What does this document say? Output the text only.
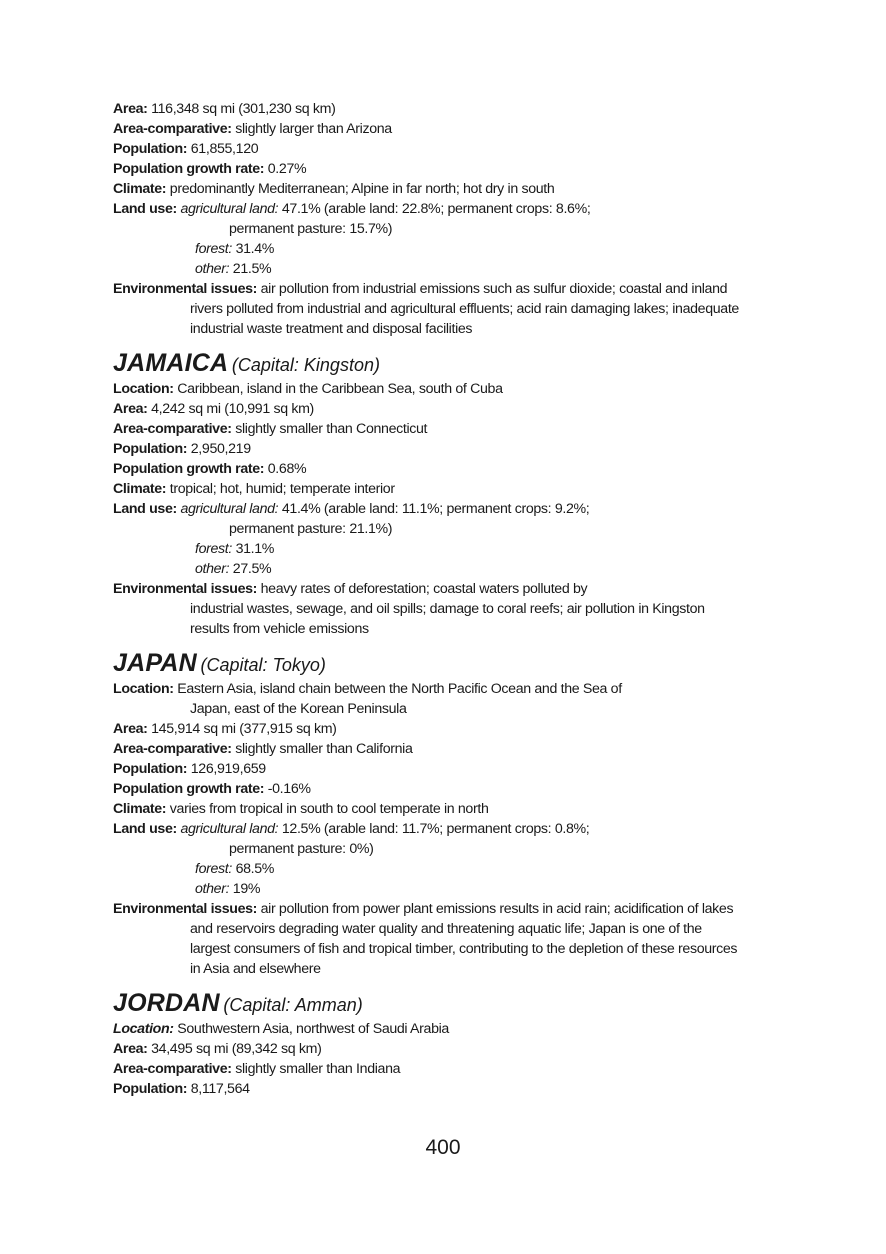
Area: 116,348 sq mi (301,230 sq km)
Area-comparative: slightly larger than Arizona
Population: 61,855,120
Population growth rate: 0.27%
Climate: predominantly Mediterranean; Alpine in far north; hot dry in south
Land use: agricultural land: 47.1% (arable land: 22.8%; permanent crops: 8.6%;
permanent pasture: 15.7%)
forest: 31.4%
other: 21.5%
Environmental issues: air pollution from industrial emissions such as sulfur dioxide; coastal and inland
rivers polluted from industrial and agricultural effluents; acid rain damaging lakes; inadequate
industrial waste treatment and disposal facilities
JAMAICA (Capital: Kingston)
Location: Caribbean, island in the Caribbean Sea, south of Cuba
Area: 4,242 sq mi (10,991 sq km)
Area-comparative: slightly smaller than Connecticut
Population: 2,950,219
Population growth rate: 0.68%
Climate: tropical; hot, humid; temperate interior
Land use: agricultural land: 41.4% (arable land: 11.1%; permanent crops: 9.2%;
permanent pasture: 21.1%)
forest: 31.1%
other: 27.5%
Environmental issues: heavy rates of deforestation; coastal waters polluted by
industrial wastes, sewage, and oil spills; damage to coral reefs; air pollution in Kingston
results from vehicle emissions
JAPAN (Capital: Tokyo)
Location: Eastern Asia, island chain between the North Pacific Ocean and the Sea of
Japan, east of the Korean Peninsula
Area: 145,914 sq mi (377,915 sq km)
Area-comparative: slightly smaller than California
Population: 126,919,659
Population growth rate: -0.16%
Climate: varies from tropical in south to cool temperate in north
Land use: agricultural land: 12.5% (arable land: 11.7%; permanent crops: 0.8%;
permanent pasture: 0%)
forest: 68.5%
other: 19%
Environmental issues: air pollution from power plant emissions results in acid rain; acidification of lakes
and reservoirs degrading water quality and threatening aquatic life; Japan is one of the
largest consumers of fish and tropical timber, contributing to the depletion of these resources
in Asia and elsewhere
JORDAN (Capital: Amman)
Location: Southwestern Asia, northwest of Saudi Arabia
Area: 34,495 sq mi (89,342 sq km)
Area-comparative: slightly smaller than Indiana
Population: 8,117,564
400
